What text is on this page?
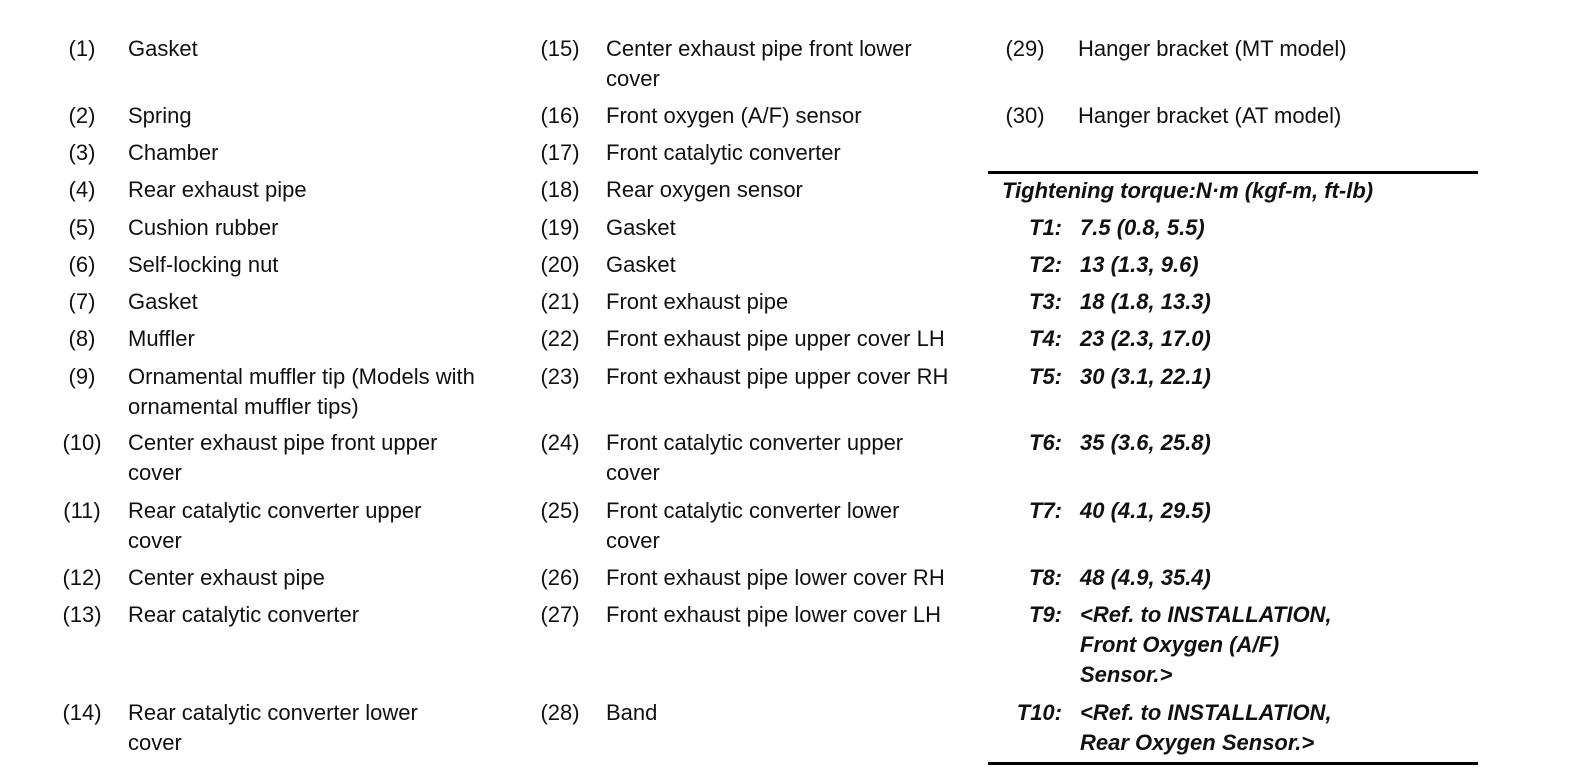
(1)	Gasket
(2)	Spring
(3)	Chamber
(4)	Rear exhaust pipe
(5)	Cushion rubber
(6)	Self-locking nut
(7)	Gasket
(8)	Muffler
(9)	Ornamental muffler tip (Models with ornamental muffler tips)
(10)	Center exhaust pipe front upper cover
(11)	Rear catalytic converter upper cover
(12)	Center exhaust pipe
(13)	Rear catalytic converter
(14)	Rear catalytic converter lower cover
(15)	Center exhaust pipe front lower cover
(16)	Front oxygen (A/F) sensor
(17)	Front catalytic converter
(18)	Rear oxygen sensor
(19)	Gasket
(20)	Gasket
(21)	Front exhaust pipe
(22)	Front exhaust pipe upper cover LH
(23)	Front exhaust pipe upper cover RH
(24)	Front catalytic converter upper cover
(25)	Front catalytic converter lower cover
(26)	Front exhaust pipe lower cover RH
(27)	Front exhaust pipe lower cover LH
(28)	Band
(29)	Hanger bracket (MT model)
(30)	Hanger bracket (AT model)
Tightening torque:N·m (kgf-m, ft-lb)
T1: 7.5 (0.8, 5.5)
T2: 13 (1.3, 9.6)
T3: 18 (1.8, 13.3)
T4: 23 (2.3, 17.0)
T5: 30 (3.1, 22.1)
T6: 35 (3.6, 25.8)
T7: 40 (4.1, 29.5)
T8: 48 (4.9, 35.4)
T9: <Ref. to INSTALLATION, Front Oxygen (A/F) Sensor.>
T10: <Ref. to INSTALLATION, Rear Oxygen Sensor.>
